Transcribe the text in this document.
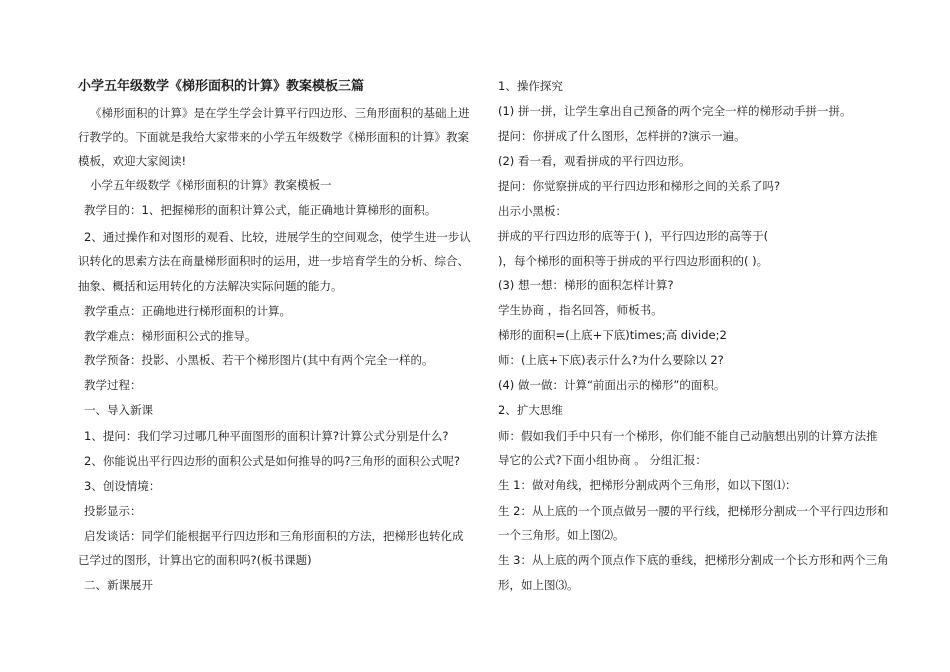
小学五年级数学《梯形面积的计算》教案模板三篇
《梯形面积的计算》是在学生学会计算平行四边形、三角形面积的基础上进
行教学的。下面就是我给大家带来的小学五年级数学《梯形面积的计算》教案
模板，欢迎大家阅读!
小学五年级数学《梯形面积的计算》教案模板一
教学目的：1、把握梯形的面积计算公式，能正确地计算梯形的面积。
2、通过操作和对图形的观看、比较，进展学生的空间观念，使学生进一步认
识转化的思索方法在商量梯形面积时的运用，进一步培育学生的分析、综合、
抽象、概括和运用转化的方法解决实际问题的能力。
教学重点：正确地进行梯形面积的计算。
教学难点：梯形面积公式的推导。
教学预备：投影、小黑板、若干个梯形图片(其中有两个完全一样的。
教学过程：
一、导入新课
1、提问：我们学习过哪几种平面图形的面积计算?计算公式分别是什么?
2、你能说出平行四边形的面积公式是如何推导的吗?三角形的面积公式呢?
3、创设情境：
投影显示：
启发谈话：同学们能根据平行四边形和三角形面积的方法，把梯形也转化成
已学过的图形，计算出它的面积吗?(板书课题)
二、新课展开
1、操作探究
(1) 拼一拼，让学生拿出自己预备的两个完全一样的梯形动手拼一拼。
提问：你拼成了什么图形，怎样拼的?演示一遍。
(2) 看一看，观看拼成的平行四边形。
提问：你觉察拼成的平行四边形和梯形之间的关系了吗?
出示小黑板：
拼成的平行四边形的底等于( )，平行四边形的高等于(
)，每个梯形的面积等于拼成的平行四边形面积的( )。
(3) 想一想：梯形的面积怎样计算?
学生协商 ，指名回答，师板书。
梯形的面积=(上底+下底)times;高 divide;2
师：(上底+下底)表示什么?为什么要除以 2?
(4) 做一做：计算“前面出示的梯形”的面积。
2、扩大思维
师：假如我们手中只有一个梯形，你们能不能自己动脑想出别的计算方法推
导它的公式?下面小组协商 。 分组汇报：
生 1：做对角线，把梯形分割成两个三角形，如以下图⑴：
生 2：从上底的一个顶点做另一腰的平行线，把梯形分割成一个平行四边形和
一个三角形。如上图⑵。
生 3：从上底的两个顶点作下底的垂线，把梯形分割成一个长方形和两个三角
形，如上图⑶。
